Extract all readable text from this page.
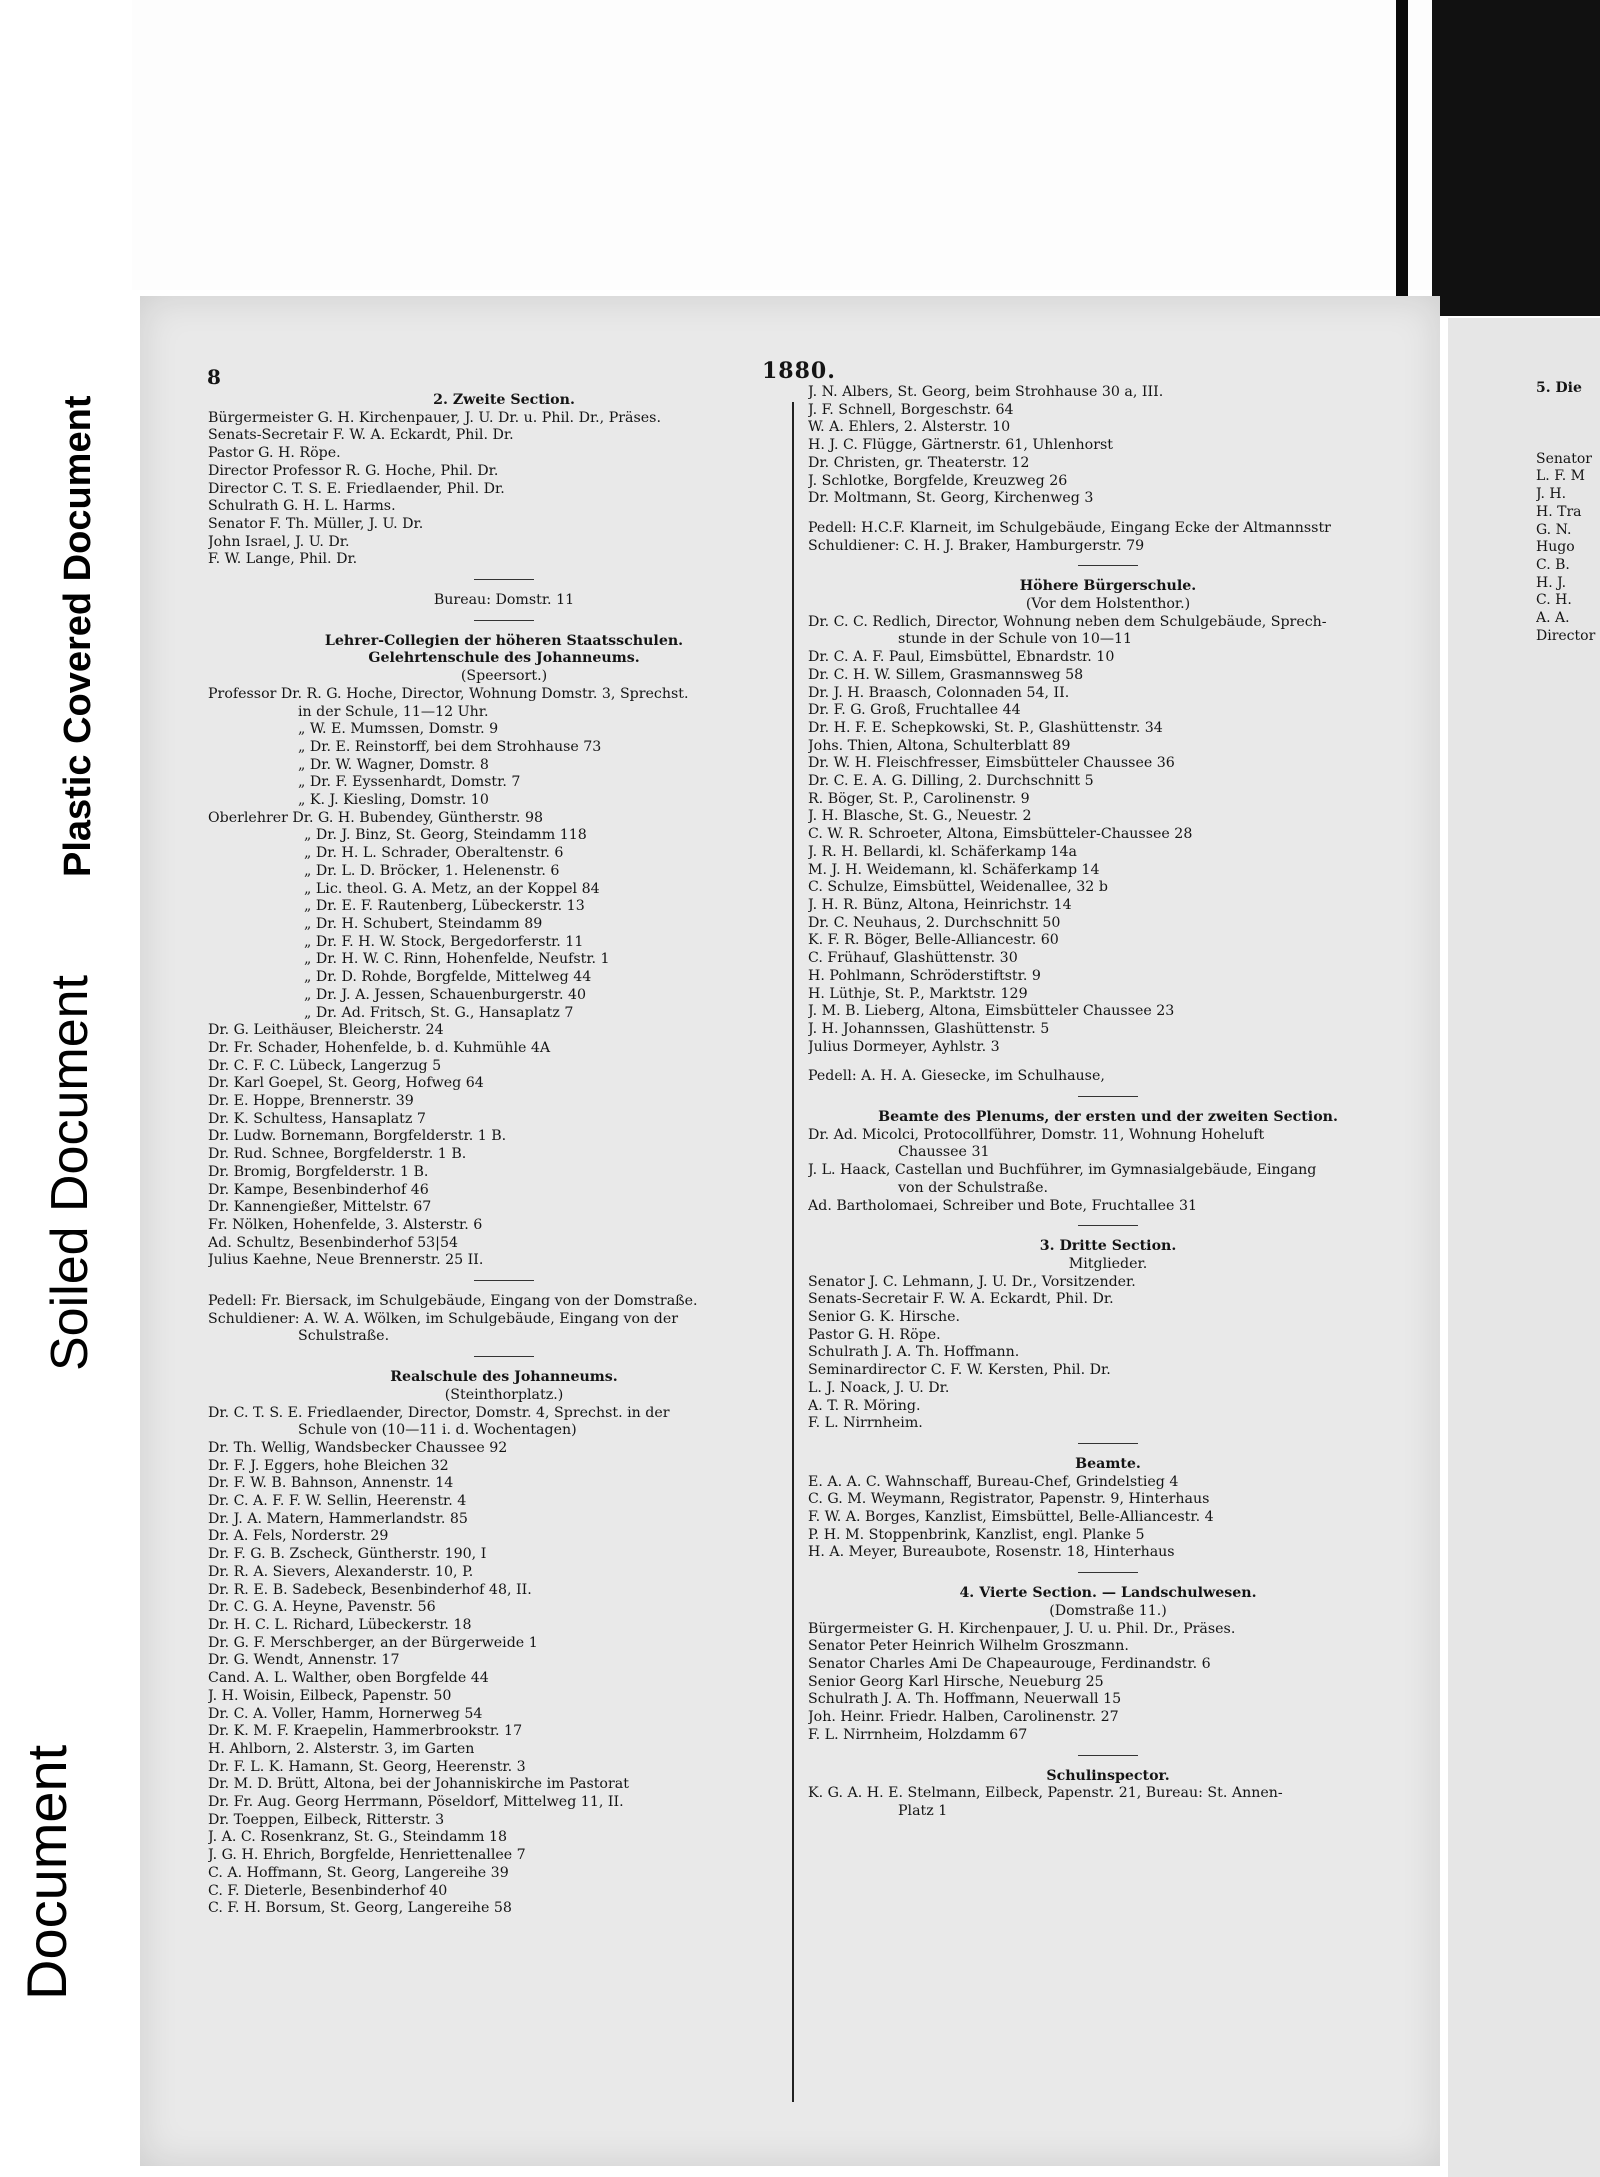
Document
Soiled Document
Plastic Covered Document
8	1880.
2. Zweite Section.
Bürgermeister G. H. Kirchenpauer, J. U. Dr. u. Phil. Dr., Präses.
Senats-Secretair F. W. A. Eckardt, Phil. Dr.
Pastor G. H. Röpe.
Director Professor R. G. Hoche, Phil. Dr.
Director C. T. S. E. Friedlaender, Phil. Dr.
Schulrath G. H. L. Harms.
Senator F. Th. Müller, J. U. Dr.
John Israel, J. U. Dr.
F. W. Lange, Phil. Dr.
Bureau: Domstr. 11
Lehrer-Collegien der höheren Staatsschulen.
Gelehrtenschule des Johanneums.
(Speersort.)
Professor Dr. R. G. Hoche, Director, Wohnung Domstr. 3, Sprechst.
in der Schule, 11—12 Uhr.
„ W. E. Mumssen, Domstr. 9
„ Dr. E. Reinstorff, bei dem Strohhause 73
„ Dr. W. Wagner, Domstr. 8
„ Dr. F. Eyssenhardt, Domstr. 7
„ K. J. Kiesling, Domstr. 10
Oberlehrer Dr. G. H. Bubendey, Güntherstr. 98
„ Dr. J. Binz, St. Georg, Steindamm 118
„ Dr. H. L. Schrader, Oberaltenstr. 6
„ Dr. L. D. Bröcker, 1. Helenenstr. 6
„ Lic. theol. G. A. Metz, an der Koppel 84
„ Dr. E. F. Rautenberg, Lübeckerstr. 13
„ Dr. H. Schubert, Steindamm 89
„ Dr. F. H. W. Stock, Bergedorferstr. 11
„ Dr. H. W. C. Rinn, Hohenfelde, Neufstr. 1
„ Dr. D. Rohde, Borgfelde, Mittelweg 44
„ Dr. J. A. Jessen, Schauenburgerstr. 40
„ Dr. Ad. Fritsch, St. G., Hansaplatz 7
Dr. G. Leithäuser, Bleicherstr. 24
Dr. Fr. Schader, Hohenfelde, b. d. Kuhmühle 4A
Dr. C. F. C. Lübeck, Langerzug 5
Dr. Karl Goepel, St. Georg, Hofweg 64
Dr. E. Hoppe, Brennerstr. 39
Dr. K. Schultess, Hansaplatz 7
Dr. Ludw. Bornemann, Borgfelderstr. 1 B.
Dr. Rud. Schnee, Borgfelderstr. 1 B.
Dr. Bromig, Borgfelderstr. 1 B.
Dr. Kampe, Besenbinderhof 46
Dr. Kannengießer, Mittelstr. 67
Fr. Nölken, Hohenfelde, 3. Alsterstr. 6
Ad. Schultz, Besenbinderhof 53|54
Julius Kaehne, Neue Brennerstr. 25 II.
Pedell: Fr. Biersack, im Schulgebäude, Eingang von der Domstraße.
Schuldiener: A. W. A. Wölken, im Schulgebäude, Eingang von der
Schulstraße.
Realschule des Johanneums.
(Steinthorplatz.)
Dr. C. T. S. E. Friedlaender, Director, Domstr. 4, Sprechst. in der
Schule von (10—11 i. d. Wochentagen)
Dr. Th. Wellig, Wandsbecker Chaussee 92
Dr. F. J. Eggers, hohe Bleichen 32
Dr. F. W. B. Bahnson, Annenstr. 14
Dr. C. A. F. F. W. Sellin, Heerenstr. 4
Dr. J. A. Matern, Hammerlandstr. 85
Dr. A. Fels, Norderstr. 29
Dr. F. G. B. Zscheck, Güntherstr. 190, I
Dr. R. A. Sievers, Alexanderstr. 10, P.
Dr. R. E. B. Sadebeck, Besenbinderhof 48, II.
Dr. C. G. A. Heyne, Pavenstr. 56
Dr. H. C. L. Richard, Lübeckerstr. 18
Dr. G. F. Merschberger, an der Bürgerweide 1
Dr. G. Wendt, Annenstr. 17
Cand. A. L. Walther, oben Borgfelde 44
J. H. Woisin, Eilbeck, Papenstr. 50
Dr. C. A. Voller, Hamm, Hornerweg 54
Dr. K. M. F. Kraepelin, Hammerbrookstr. 17
H. Ahlborn, 2. Alsterstr. 3, im Garten
Dr. F. L. K. Hamann, St. Georg, Heerenstr. 3
Dr. M. D. Brütt, Altona, bei der Johanniskirche im Pastorat
Dr. Fr. Aug. Georg Herrmann, Pöseldorf, Mittelweg 11, II.
Dr. Toeppen, Eilbeck, Ritterstr. 3
J. A. C. Rosenkranz, St. G., Steindamm 18
J. G. H. Ehrich, Borgfelde, Henriettenallee 7
C. A. Hoffmann, St. Georg, Langereihe 39
C. F. Dieterle, Besenbinderhof 40
C. F. H. Borsum, St. Georg, Langereihe 58
J. N. Albers, St. Georg, beim Strohhause 30 a, III.
J. F. Schnell, Borgeschstr. 64
W. A. Ehlers, 2. Alsterstr. 10
H. J. C. Flügge, Gärtnerstr. 61, Uhlenhorst
Dr. Christen, gr. Theaterstr. 12
J. Schlotke, Borgfelde, Kreuzweg 26
Dr. Moltmann, St. Georg, Kirchenweg 3
Pedell: H.C.F. Klarneit, im Schulgebäude, Eingang Ecke der Altmannsstr
Schuldiener: C. H. J. Braker, Hamburgerstr. 79
Höhere Bürgerschule.
(Vor dem Holstenthor.)
Dr. C. C. Redlich, Director, Wohnung neben dem Schulgebäude, Sprech-
stunde in der Schule von 10—11
Dr. C. A. F. Paul, Eimsbüttel, Ebnardstr. 10
Dr. C. H. W. Sillem, Grasmannsweg 58
Dr. J. H. Braasch, Colonnaden 54, II.
Dr. F. G. Groß, Fruchtallee 44
Dr. H. F. E. Schepkowski, St. P., Glashüttenstr. 34
Johs. Thien, Altona, Schulterblatt 89
Dr. W. H. Fleischfresser, Eimsbütteler Chaussee 36
Dr. C. E. A. G. Dilling, 2. Durchschnitt 5
R. Böger, St. P., Carolinenstr. 9
J. H. Blasche, St. G., Neuestr. 2
C. W. R. Schroeter, Altona, Eimsbütteler-Chaussee 28
J. R. H. Bellardi, kl. Schäferkamp 14a
M. J. H. Weidemann, kl. Schäferkamp 14
C. Schulze, Eimsbüttel, Weidenallee, 32 b
J. H. R. Bünz, Altona, Heinrichstr. 14
Dr. C. Neuhaus, 2. Durchschnitt 50
K. F. R. Böger, Belle-Alliancestr. 60
C. Frühauf, Glashüttenstr. 30
H. Pohlmann, Schröderstiftstr. 9
H. Lüthje, St. P., Marktstr. 129
J. M. B. Lieberg, Altona, Eimsbütteler Chaussee 23
J. H. Johannssen, Glashüttenstr. 5
Julius Dormeyer, Ayhlstr. 3
Pedell: A. H. A. Giesecke, im Schulhause,
Beamte des Plenums, der ersten und der zweiten Section.
Dr. Ad. Micolci, Protocollführer, Domstr. 11, Wohnung Hoheluft
Chaussee 31
J. L. Haack, Castellan und Buchführer, im Gymnasialgebäude, Eingang
von der Schulstraße.
Ad. Bartholomaei, Schreiber und Bote, Fruchtallee 31
3. Dritte Section.
Mitglieder.
Senator J. C. Lehmann, J. U. Dr., Vorsitzender.
Senats-Secretair F. W. A. Eckardt, Phil. Dr.
Senior G. K. Hirsche.
Pastor G. H. Röpe.
Schulrath J. A. Th. Hoffmann.
Seminardirector C. F. W. Kersten, Phil. Dr.
L. J. Noack, J. U. Dr.
A. T. R. Möring.
F. L. Nirrnheim.
Beamte.
E. A. A. C. Wahnschaff, Bureau-Chef, Grindelstieg 4
C. G. M. Weymann, Registrator, Papenstr. 9, Hinterhaus
F. W. A. Borges, Kanzlist, Eimsbüttel, Belle-Alliancestr. 4
P. H. M. Stoppenbrink, Kanzlist, engl. Planke 5
H. A. Meyer, Bureaubote, Rosenstr. 18, Hinterhaus
4. Vierte Section. — Landschulwesen.
(Domstraße 11.)
Bürgermeister G. H. Kirchenpauer, J. U. u. Phil. Dr., Präses.
Senator Peter Heinrich Wilhelm Groszmann.
Senator Charles Ami De Chapeaurouge, Ferdinandstr. 6
Senior Georg Karl Hirsche, Neueburg 25
Schulrath J. A. Th. Hoffmann, Neuerwall 15
Joh. Heinr. Friedr. Halben, Carolinenstr. 27
F. L. Nirrnheim, Holzdamm 67
Schulinspector.
K. G. A. H. E. Stelmann, Eilbeck, Papenstr. 21, Bureau: St. Annen-
Platz 1
5. Die
Senator
L. F. M
J. H.
H. Tra
G. N.
Hugo
C. B.
H. J.
C. H.
A. A.
Director
